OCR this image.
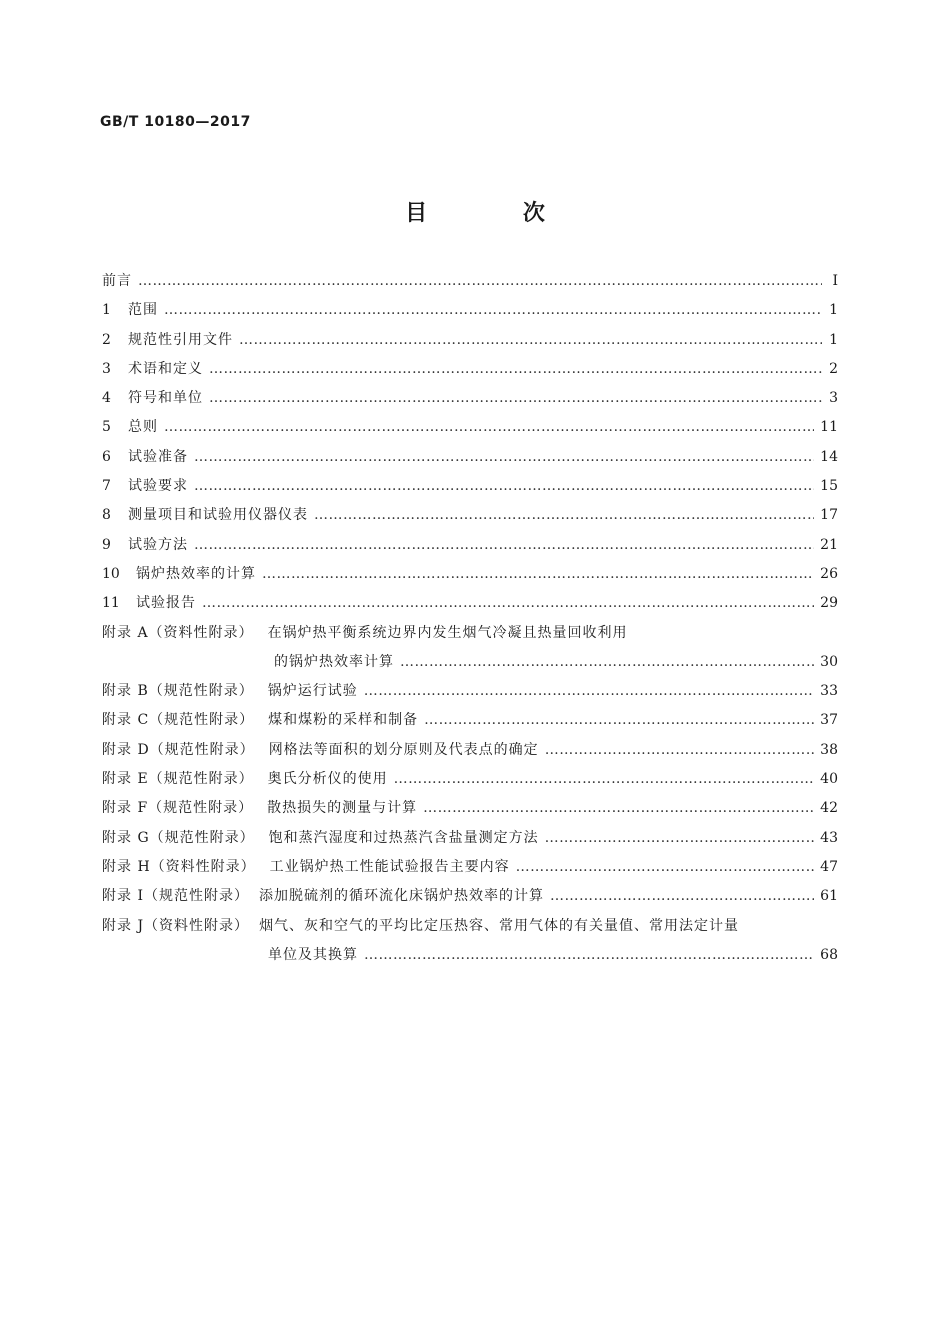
GB/T 10180—2017
目 次
前言 ……………………………………………………………………………………………………………………………………………………………………………………	I
1	范围 ……………………………………………………………………………………………………………………………………………………………………………………	1
2	规范性引用文件 ……………………………………………………………………………………………………………………………………………………………………………………	1
3	术语和定义 ……………………………………………………………………………………………………………………………………………………………………………………	2
4	符号和单位 ……………………………………………………………………………………………………………………………………………………………………………………	3
5	总则 ……………………………………………………………………………………………………………………………………………………………………………………	11
6	试验准备 ……………………………………………………………………………………………………………………………………………………………………………………	14
7	试验要求 ……………………………………………………………………………………………………………………………………………………………………………………	15
8	测量项目和试验用仪器仪表 ……………………………………………………………………………………………………………………………………………………………………………………	17
9	试验方法 ……………………………………………………………………………………………………………………………………………………………………………………	21
10	锅炉热效率的计算 ……………………………………………………………………………………………………………………………………………………………………………………	26
11	试验报告 ……………………………………………………………………………………………………………………………………………………………………………………	29
附录 A（资料性附录） 在锅炉热平衡系统边界内发生烟气冷凝且热量回收利用
的锅炉热效率计算 ……………………………………………………………………………………………………………………………………………………………………………………	30
附录 B（规范性附录） 锅炉运行试验 ……………………………………………………………………………………………………………………………………………………………………………………	33
附录 C（规范性附录） 煤和煤粉的采样和制备 ……………………………………………………………………………………………………………………………………………………………………………………	37
附录 D（规范性附录） 网格法等面积的划分原则及代表点的确定 ……………………………………………………………………………………………………………………………………………………………………………………	38
附录 E（规范性附录） 奥氏分析仪的使用 ……………………………………………………………………………………………………………………………………………………………………………………	40
附录 F（规范性附录） 散热损失的测量与计算 ……………………………………………………………………………………………………………………………………………………………………………………	42
附录 G（规范性附录） 饱和蒸汽湿度和过热蒸汽含盐量测定方法 ……………………………………………………………………………………………………………………………………………………………………………………	43
附录 H（资料性附录） 工业锅炉热工性能试验报告主要内容 ……………………………………………………………………………………………………………………………………………………………………………………	47
附录 I（规范性附录） 添加脱硫剂的循环流化床锅炉热效率的计算 ……………………………………………………………………………………………………………………………………………………………………………………	61
附录 J（资料性附录） 烟气、灰和空气的平均比定压热容、常用气体的有关量值、常用法定计量
单位及其换算 ……………………………………………………………………………………………………………………………………………………………………………………	68
